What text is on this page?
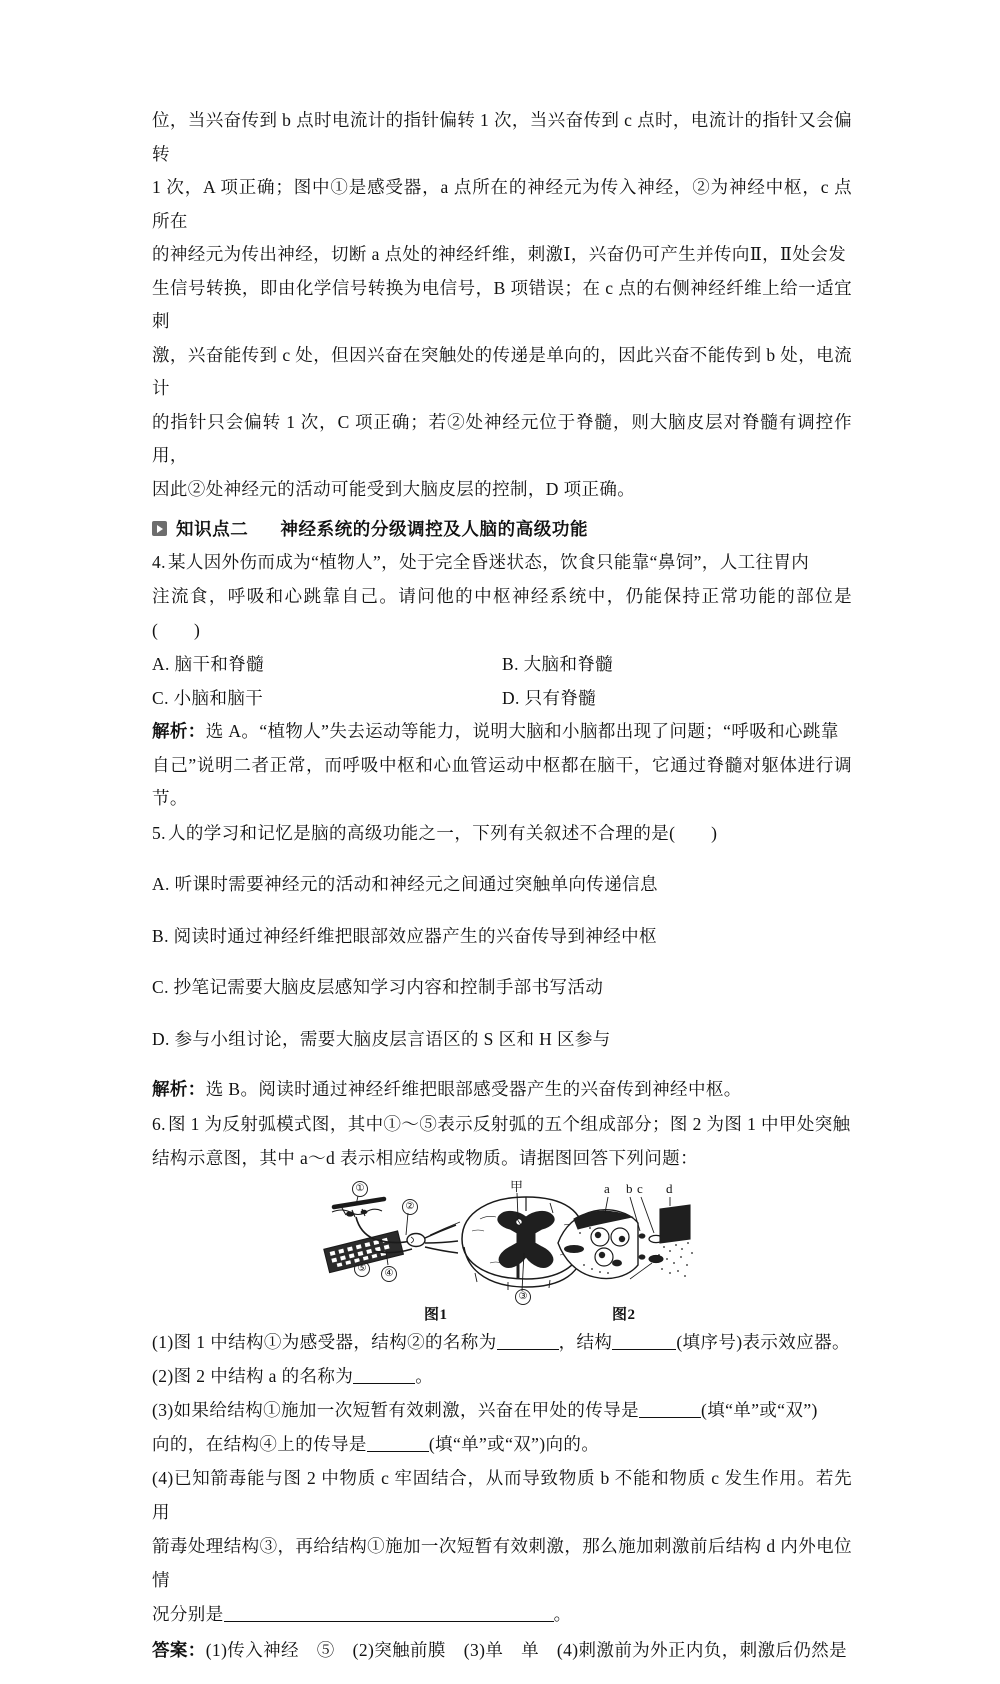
位，当兴奋传到 b 点时电流计的指针偏转 1 次，当兴奋传到 c 点时，电流计的指针又会偏转

1 次，A 项正确；图中①是感受器，a 点所在的神经元为传入神经，②为神经中枢，c 点所在

的神经元为传出神经，切断 a 点处的神经纤维，刺激Ⅰ，兴奋仍可产生并传向Ⅱ，Ⅱ处会发

生信号转换，即由化学信号转换为电信号，B 项错误；在 c 点的右侧神经纤维上给一适宜刺

激，兴奋能传到 c 处，但因兴奋在突触处的传递是单向的，因此兴奋不能传到 b 处，电流计

的指针只会偏转 1 次，C 项正确；若②处神经元位于脊髓，则大脑皮层对脊髓有调控作用，

因此②处神经元的活动可能受到大脑皮层的控制，D 项正确。

知识点二 神经系统的分级调控及人脑的高级功能

4. 某人因外伤而成为“植物人”，处于完全昏迷状态，饮食只能靠“鼻饲”，人工往胃内

注流食，呼吸和心跳靠自己。请问他的中枢神经系统中，仍能保持正常功能的部位是(　　)

A. 脑干和脊髓	B. 大脑和脊髓
C. 小脑和脑干	D. 只有脊髓

解析：选 A。“植物人”失去运动等能力，说明大脑和小脑都出现了问题；“呼吸和心跳靠

自己”说明二者正常，而呼吸中枢和心血管运动中枢都在脑干，它通过脊髓对躯体进行调节。

5. 人的学习和记忆是脑的高级功能之一，下列有关叙述不合理的是(　　)

A. 听课时需要神经元的活动和神经元之间通过突触单向传递信息

B. 阅读时通过神经纤维把眼部效应器产生的兴奋传导到神经中枢

C. 抄笔记需要大脑皮层感知学习内容和控制手部书写活动

D. 参与小组讨论，需要大脑皮层言语区的 S 区和 H 区参与

解析：选 B。阅读时通过神经纤维把眼部感受器产生的兴奋传到神经中枢。

6. 图 1 为反射弧模式图，其中①～⑤表示反射弧的五个组成部分；图 2 为图 1 中甲处突触

结构示意图，其中 a～d 表示相应结构或物质。请据图回答下列问题：

①
②
④
⑤
③
甲	a b c d
图1	图2

(1)图 1 中结构①为感受器，结构②的名称为	，结构	(填序号)表示效应器。

(2)图 2 中结构 a 的名称为	。

(3)如果给结构①施加一次短暂有效刺激，兴奋在甲处的传导是	(填“单”或“双”)

向的，在结构④上的传导是	(填“单”或“双”)向的。

(4)已知箭毒能与图 2 中物质 c 牢固结合，从而导致物质 b 不能和物质 c 发生作用。若先用

箭毒处理结构③，再给结构①施加一次短暂有效刺激，那么施加刺激前后结构 d 内外电位情

况分别是	。

答案：(1)传入神经　⑤　(2)突触前膜　(3)单　单　(4)刺激前为外正内负，刺激后仍然是
